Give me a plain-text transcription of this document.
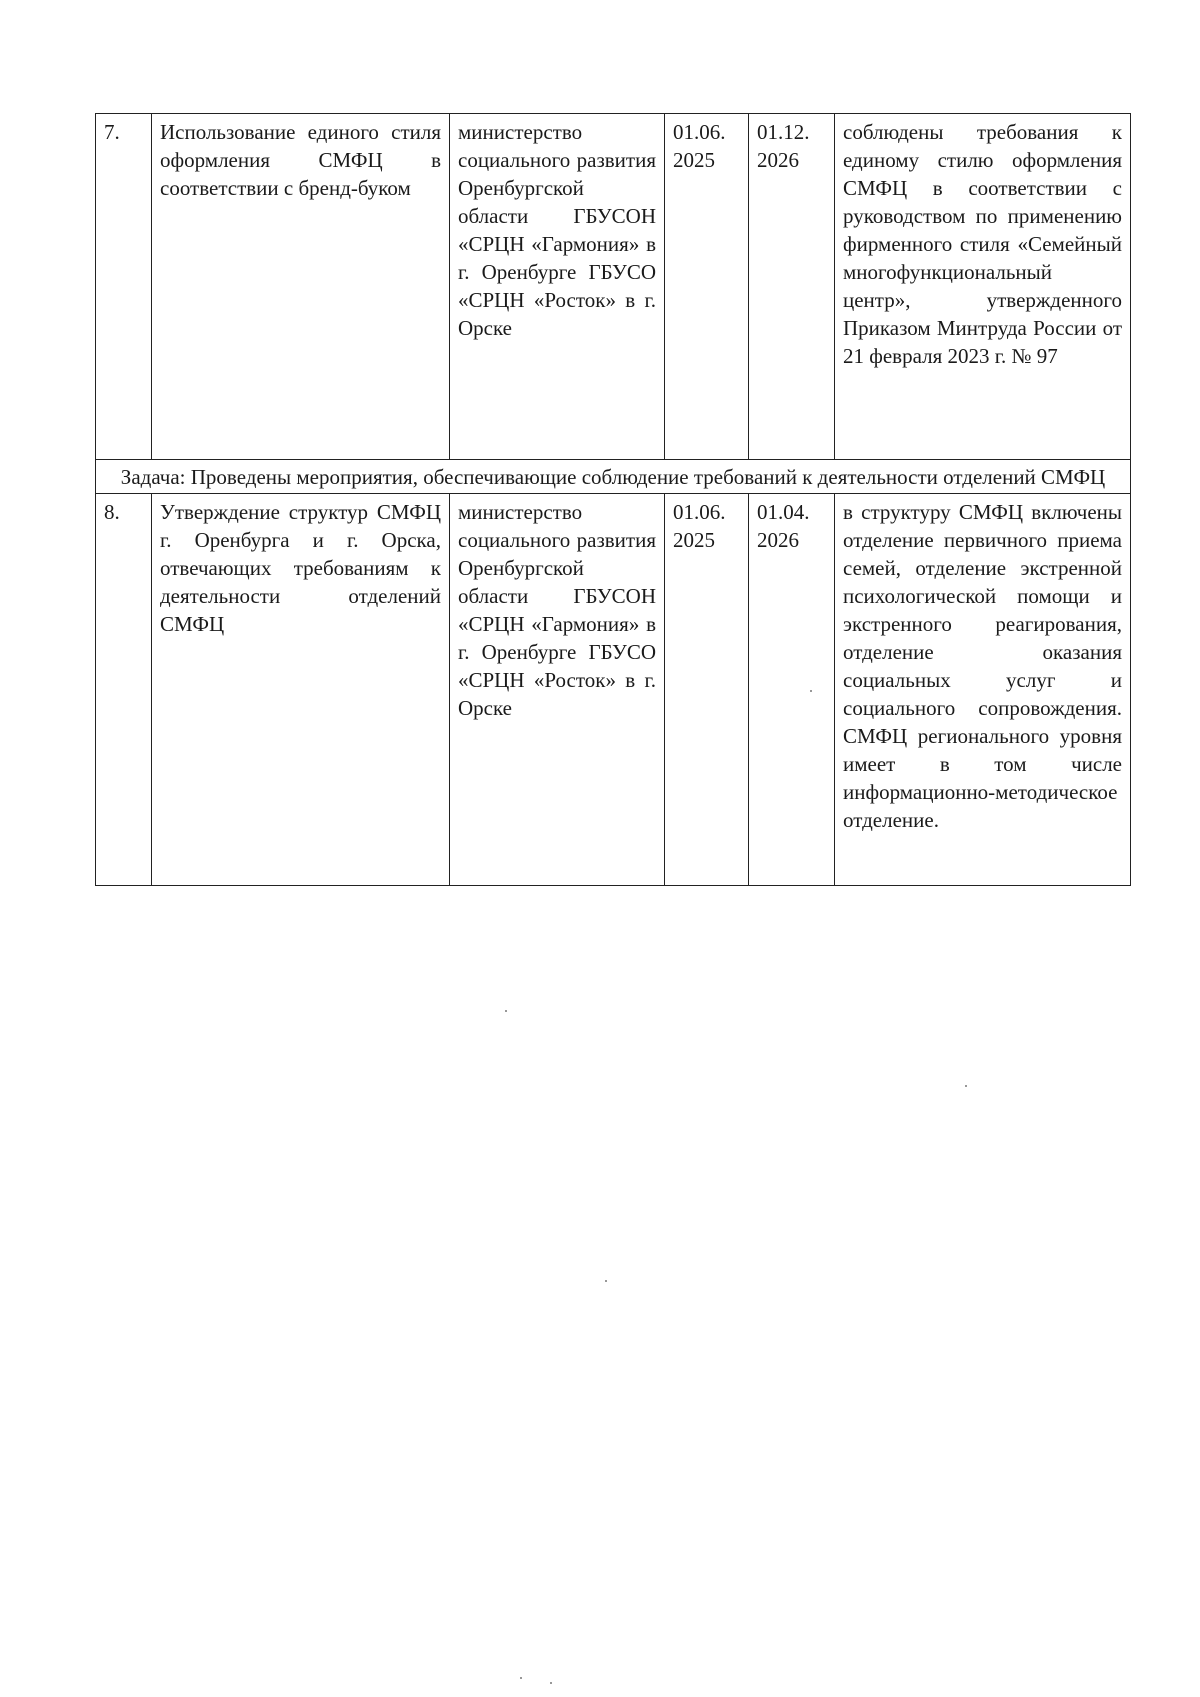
7.	Использование единого стиля оформления СМФЦ в соответствии с бренд-буком	министерство социального развития Оренбургской области ГБУСОН «СРЦН «Гармония» в г. Оренбурге ГБУСО «СРЦН «Росток» в г. Орске	01.06. 2025	01.12. 2026	соблюдены требования к единому стилю оформления СМФЦ в соответствии с руководством по применению фирменного стиля «Семейный многофункциональный центр», утвержденного Приказом Минтруда России от 21 февраля 2023 г. № 97
Задача: Проведены мероприятия, обеспечивающие соблюдение требований к деятельности отделений СМФЦ					
8.	Утверждение структур СМФЦ г. Оренбурга и г. Орска, отвечающих требованиям к деятельности отделений СМФЦ	министерство социального развития Оренбургской области ГБУСОН «СРЦН «Гармония» в г. Оренбурге ГБУСО «СРЦН «Росток» в г. Орске	01.06. 2025	01.04. 2026	в структуру СМФЦ включены отделение первичного приема семей, отделение экстренной психологической помощи и экстренного реагирования, отделение оказания социальных услуг и социального сопровождения. СМФЦ регионального уровня имеет в том числе информационно-методическое отделение.
